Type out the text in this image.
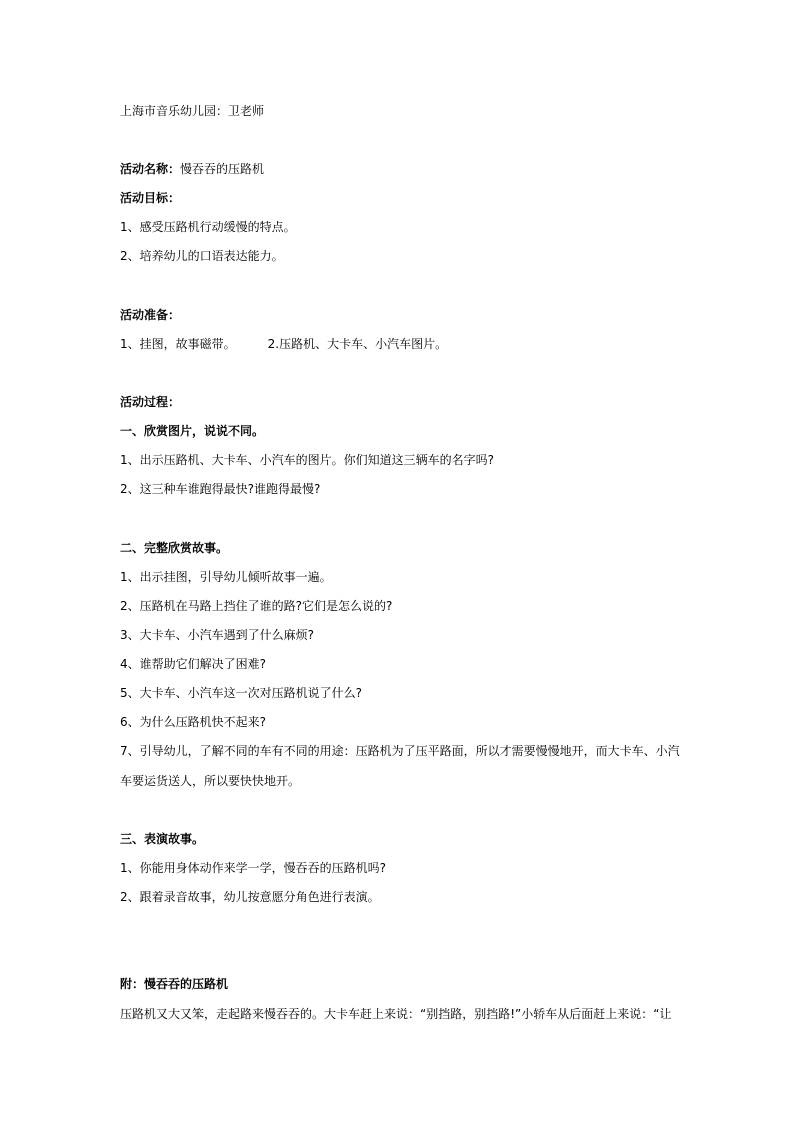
上海市音乐幼儿园：卫老师
活动名称：慢吞吞的压路机
活动目标：
1、感受压路机行动缓慢的特点。
2、培养幼儿的口语表达能力。
活动准备：
1、挂图，故事磁带。	2.压路机、大卡车、小汽车图片。
活动过程：
一、欣赏图片，说说不同。
1、出示压路机、大卡车、小汽车的图片。你们知道这三辆车的名字吗?
2、这三种车谁跑得最快?谁跑得最慢?
二、完整欣赏故事。
1、出示挂图，引导幼儿倾听故事一遍。
2、压路机在马路上挡住了谁的路?它们是怎么说的?
3、大卡车、小汽车遇到了什么麻烦?
4、谁帮助它们解决了困难?
5、大卡车、小汽车这一次对压路机说了什么?
6、为什么压路机快不起来?
7、引导幼儿，了解不同的车有不同的用途：压路机为了压平路面，所以才需要慢慢地开，而大卡车、小汽
车要运货送人，所以要快快地开。
三、表演故事。
1、你能用身体动作来学一学，慢吞吞的压路机吗?
2、跟着录音故事，幼儿按意愿分角色进行表演。
附：慢吞吞的压路机
压路机又大又笨，走起路来慢吞吞的。大卡车赶上来说：“别挡路，别挡路!”小轿车从后面赶上来说：“让
